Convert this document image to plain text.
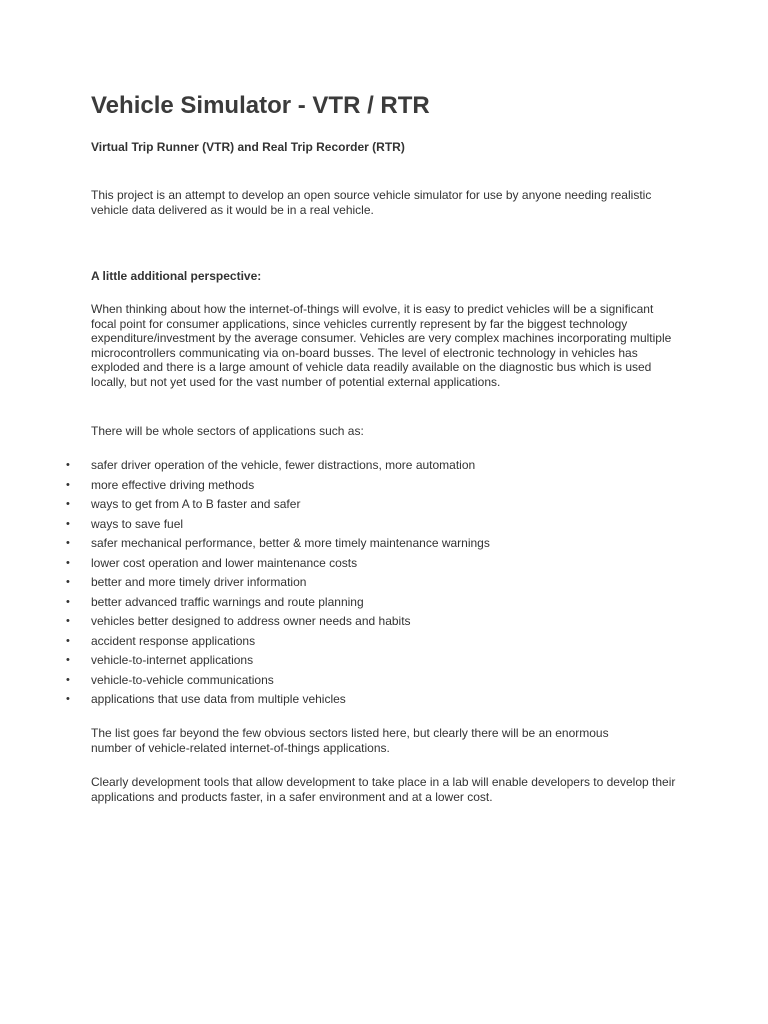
Vehicle Simulator - VTR / RTR
Virtual Trip Runner (VTR) and Real Trip Recorder (RTR)

This project is an attempt to develop an open source vehicle simulator for use by anyone needing realistic vehicle data delivered as it would be in a real vehicle.

A little additional perspective:

When thinking about how the internet-of-things will evolve, it is easy to predict vehicles will be a significant focal point for consumer applications, since vehicles currently represent by far the biggest technology expenditure/investment by the average consumer. Vehicles are very complex machines incorporating multiple microcontrollers communicating via on-board busses. The level of electronic technology in vehicles has exploded and there is a large amount of vehicle data readily available on the diagnostic bus which is used locally, but not yet used for the vast number of potential external applications.

There will be whole sectors of applications such as:

• safer driver operation of the vehicle, fewer distractions, more automation
• more effective driving methods
• ways to get from A to B faster and safer
• ways to save fuel
• safer mechanical performance, better & more timely maintenance warnings
• lower cost operation and lower maintenance costs
• better and more timely driver information
• better advanced traffic warnings and route planning
• vehicles better designed to address owner needs and habits
• accident response applications
• vehicle-to-internet applications
• vehicle-to-vehicle communications
• applications that use data from multiple vehicles

The list goes far beyond the few obvious sectors listed here, but clearly there will be an enormous number of vehicle-related internet-of-things applications.

Clearly development tools that allow development to take place in a lab will enable developers to develop their applications and products faster, in a safer environment and at a lower cost.
